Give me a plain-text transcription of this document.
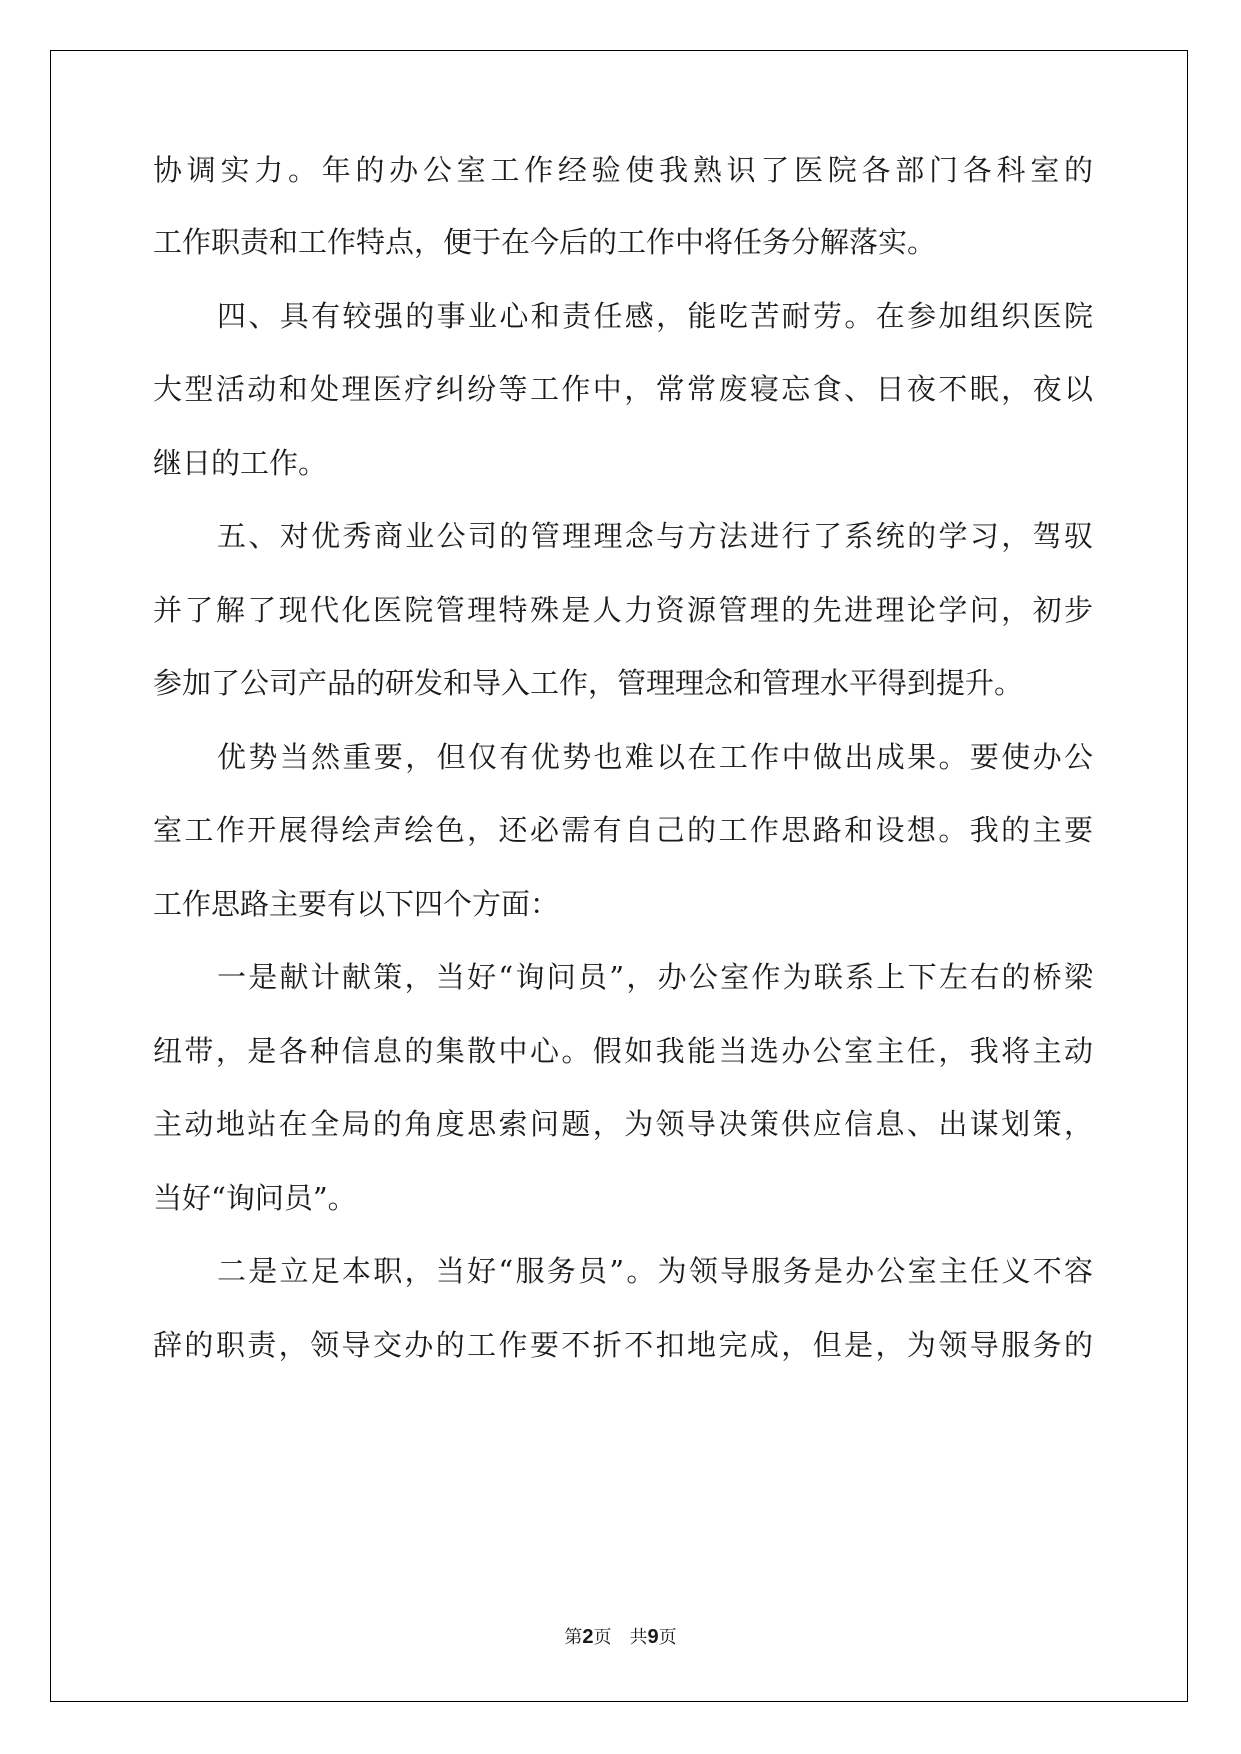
协调实力。年的办公室工作经验使我熟识了医院各部门各科室的

工作职责和工作特点，便于在今后的工作中将任务分解落实。

四、具有较强的事业心和责任感，能吃苦耐劳。在参加组织医院

大型活动和处理医疗纠纷等工作中，常常废寝忘食、日夜不眠，夜以

继日的工作。

五、对优秀商业公司的管理理念与方法进行了系统的学习，驾驭

并了解了现代化医院管理特殊是人力资源管理的先进理论学问，初步

参加了公司产品的研发和导入工作，管理理念和管理水平得到提升。

优势当然重要，但仅有优势也难以在工作中做出成果。要使办公

室工作开展得绘声绘色，还必需有自己的工作思路和设想。我的主要

工作思路主要有以下四个方面：

一是献计献策，当好“询问员”，办公室作为联系上下左右的桥梁

纽带，是各种信息的集散中心。假如我能当选办公室主任，我将主动

主动地站在全局的角度思索问题，为领导决策供应信息、出谋划策，

当好“询问员”。

二是立足本职，当好“服务员”。为领导服务是办公室主任义不容

辞的职责，领导交办的工作要不折不扣地完成，但是，为领导服务的

第2页 共9页
